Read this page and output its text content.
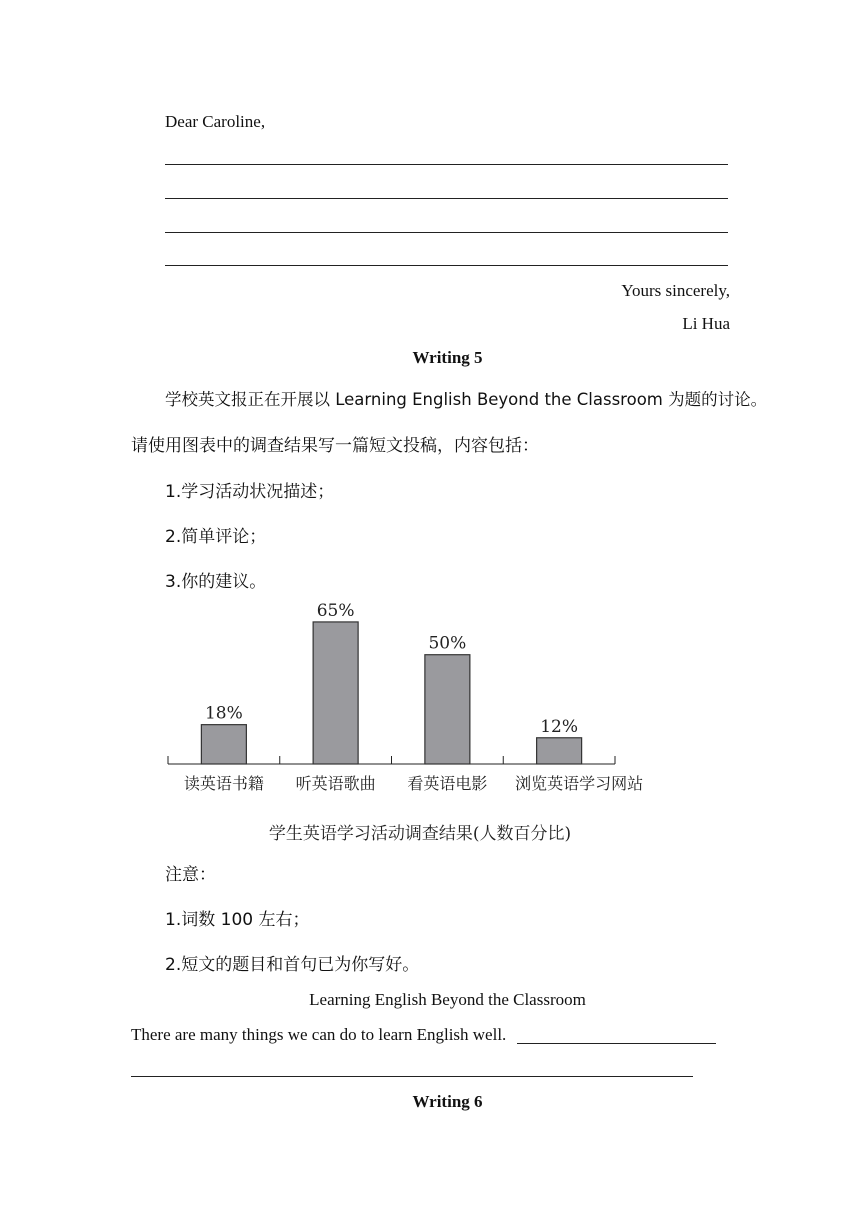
Dear Caroline,
Yours sincerely,
Li Hua
Writing 5
学校英文报正在开展以 Learning English Beyond the Classroom 为题的讨论。
请使用图表中的调查结果写一篇短文投稿，内容包括：
1.学习活动状况描述；
2.简单评论；
3.你的建议。
18%
读英语书籍
65%
听英语歌曲
50%
看英语电影
12%
浏览英语学习网站
学生英语学习活动调查结果(人数百分比)
注意：
1.词数 100 左右；
2.短文的题目和首句已为你写好。
Learning English Beyond the Classroom
There are many things we can do to learn English well.
Writing 6
